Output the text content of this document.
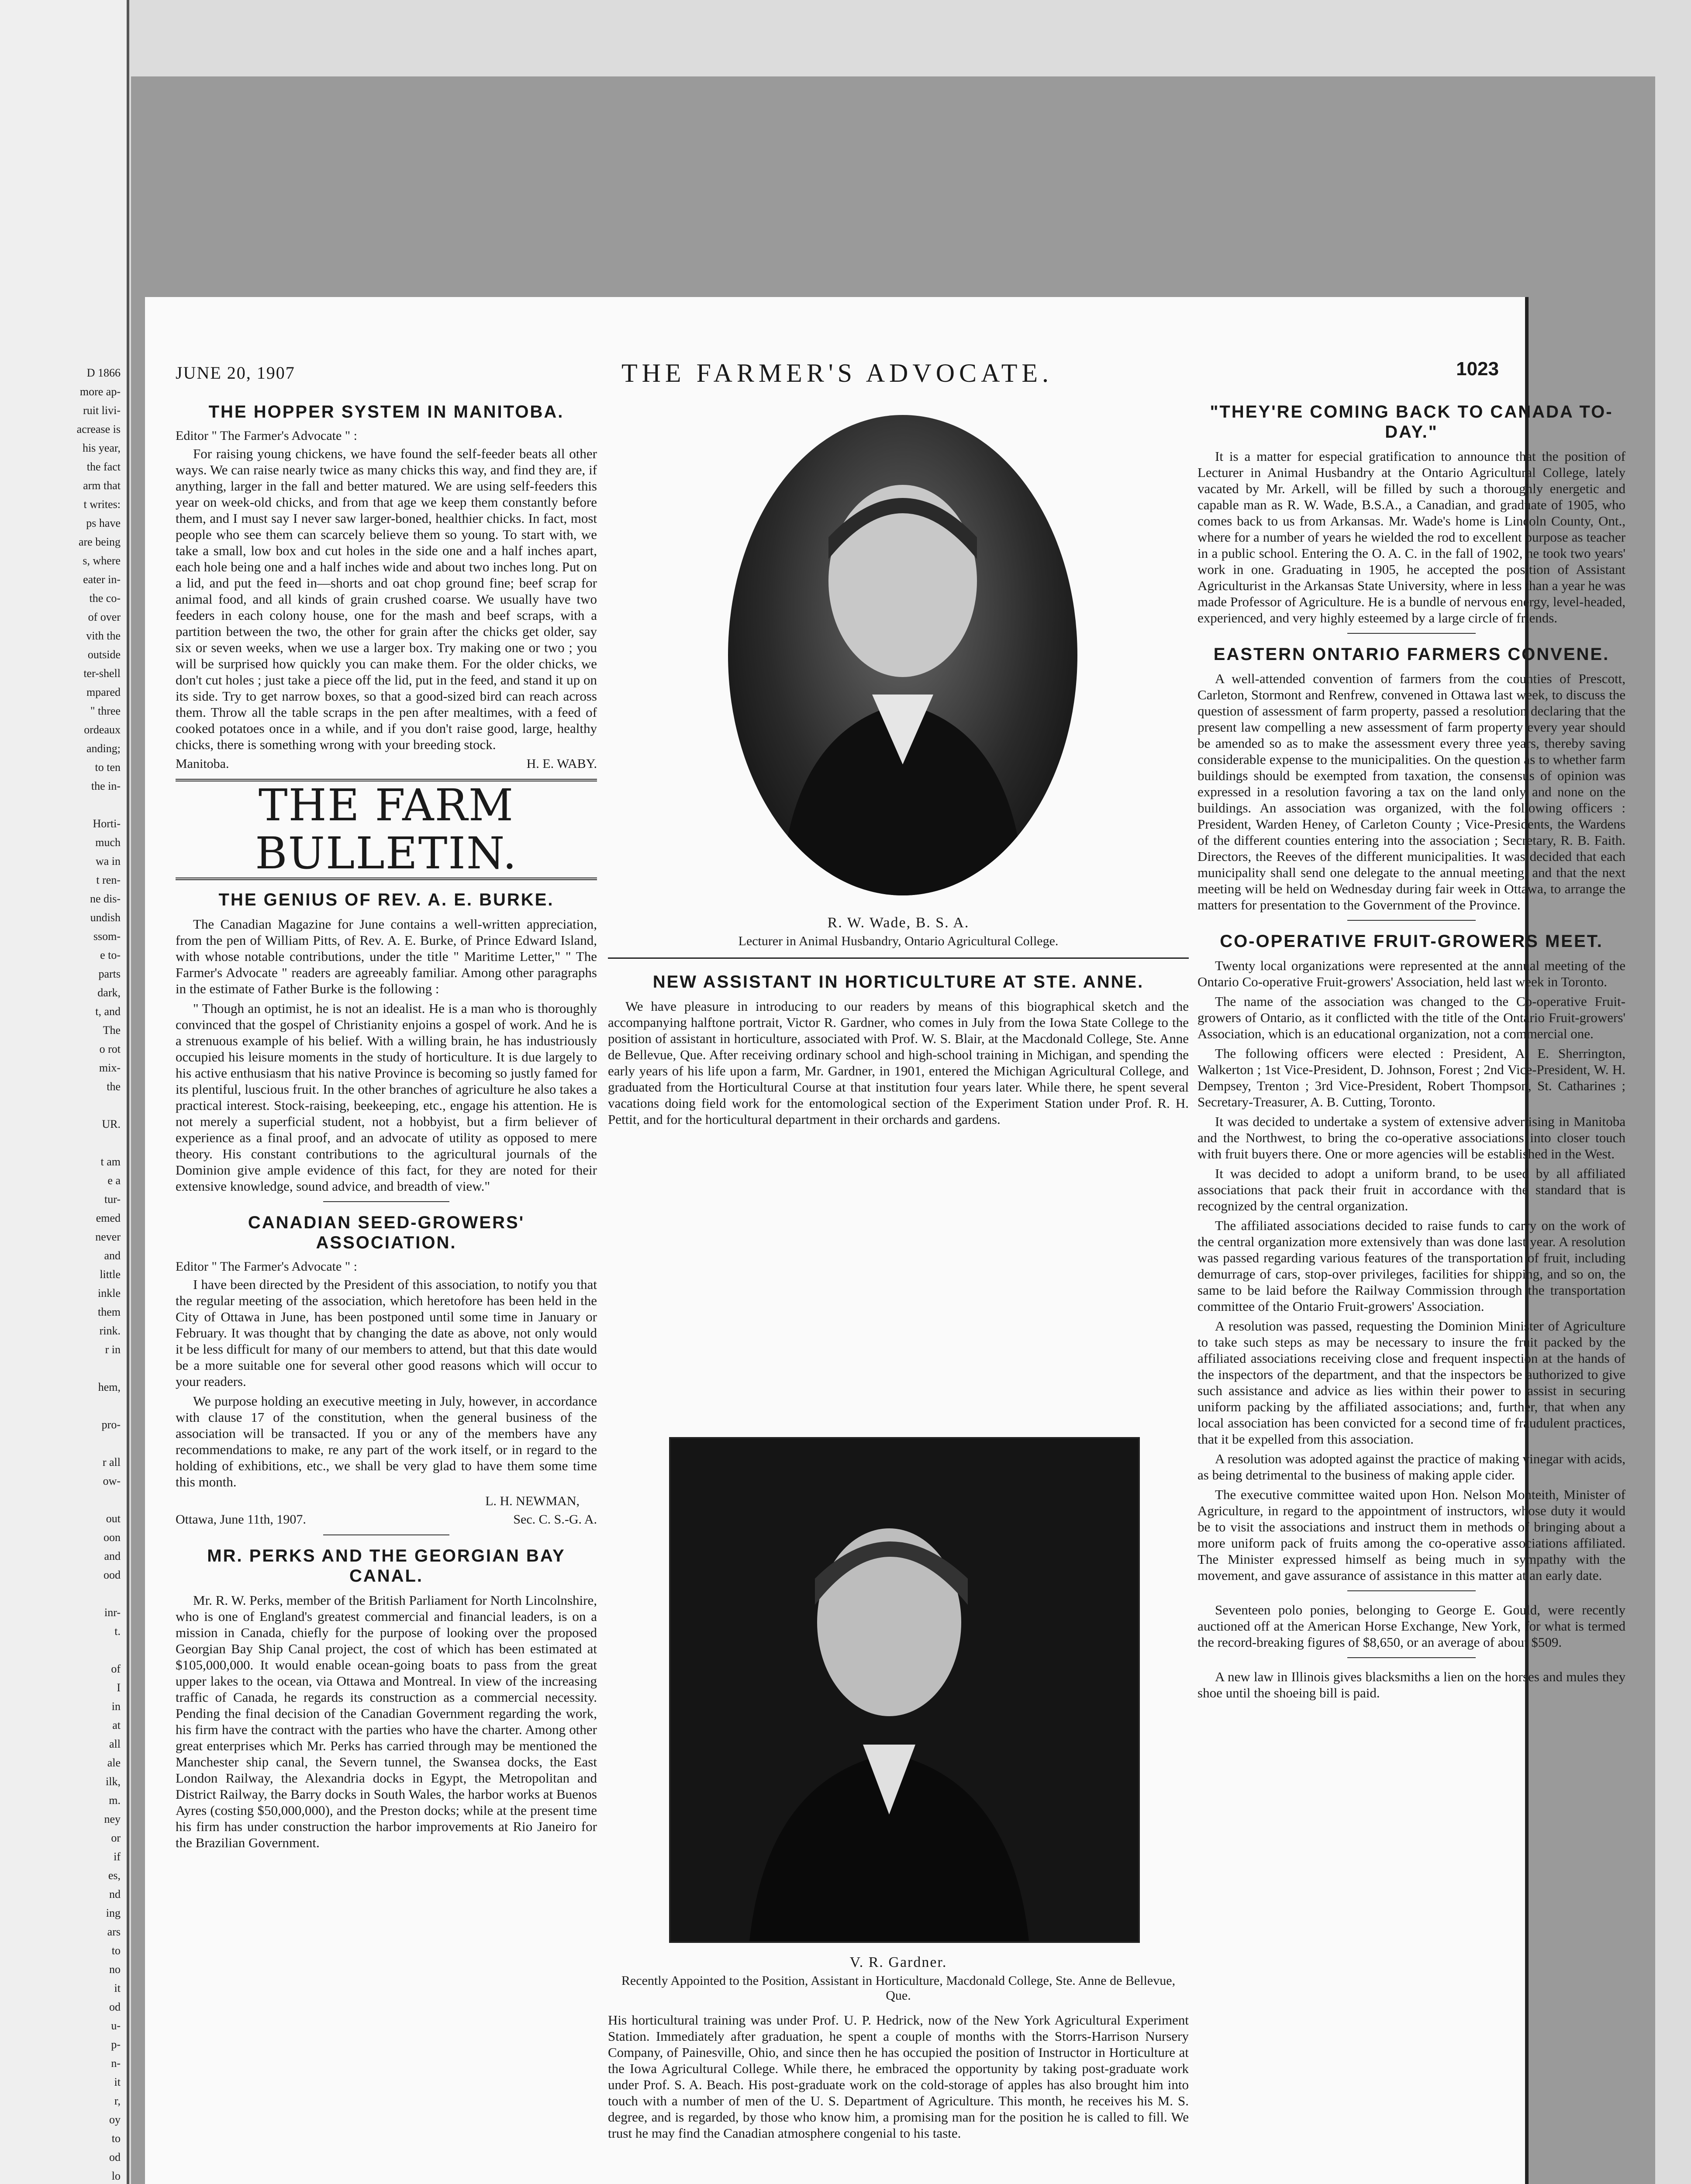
D 1866
more ap-
ruit livi-
acrease is
his year,
the fact
arm that
t writes:
ps have
are being
s, where
eater in-
the co-
of over
vith the
outside
ter-shell
mpared
" three
ordeaux
anding;
to ten
the in-
Horti-
much
wa in
t ren-
ne dis-
undish
ssom-
e to-
parts
dark,
t, and
The
o rot
mix-
the
UR.
t am
e a
tur-
emed
never
and
little
inkle
them
rink.
r in
hem,
pro-
r all
ow-
out
oon
and
ood
inr-
t.
of
I
in
at
all
ale
ilk,
m.
ney
or
if
es,
nd
ing
ars
to
no
it
od
u-
p-
n-
it
r,
oy
to
od
lo
JUNE 20, 1907	THE FARMER'S ADVOCATE.	1023
THE HOPPER SYSTEM IN MANITOBA.
Editor " The Farmer's Advocate " :
For raising young chickens, we have found the self-feeder beats all other ways. We can raise nearly twice as many chicks this way, and find they are, if anything, larger in the fall and better matured. We are using self-feeders this year on week-old chicks, and from that age we keep them constantly before them, and I must say I never saw larger-boned, healthier chicks. In fact, most people who see them can scarcely believe them so young. To start with, we take a small, low box and cut holes in the side one and a half inches apart, each hole being one and a half inches wide and about two inches long. Put on a lid, and put the feed in—shorts and oat chop ground fine; beef scrap for animal food, and all kinds of grain crushed coarse. We usually have two feeders in each colony house, one for the mash and beef scraps, with a partition between the two, the other for grain after the chicks get older, say six or seven weeks, when we use a larger box. Try making one or two ; you will be surprised how quickly you can make them. For the older chicks, we don't cut holes ; just take a piece off the lid, put in the feed, and stand it up on its side. Try to get narrow boxes, so that a good-sized bird can reach across them. Throw all the table scraps in the pen after mealtimes, with a feed of cooked potatoes once in a while, and if you don't raise good, large, healthy chicks, there is something wrong with your breeding stock.
Manitoba.	H. E. WABY.
THE FARM BULLETIN.
THE GENIUS OF REV. A. E. BURKE.
The Canadian Magazine for June contains a well-written appreciation, from the pen of William Pitts, of Rev. A. E. Burke, of Prince Edward Island, with whose notable contributions, under the title " Maritime Letter," " The Farmer's Advocate " readers are agreeably familiar. Among other paragraphs in the estimate of Father Burke is the following :
" Though an optimist, he is not an idealist. He is a man who is thoroughly convinced that the gospel of Christianity enjoins a gospel of work. And he is a strenuous example of his belief. With a willing brain, he has industriously occupied his leisure moments in the study of horticulture. It is due largely to his active enthusiasm that his native Province is becoming so justly famed for its plentiful, luscious fruit. In the other branches of agriculture he also takes a practical interest. Stock-raising, beekeeping, etc., engage his attention. He is not merely a superficial student, not a hobbyist, but a firm believer of experience as a final proof, and an advocate of utility as opposed to mere theory. His constant contributions to the agricultural journals of the Dominion give ample evidence of this fact, for they are noted for their extensive knowledge, sound advice, and breadth of view."
CANADIAN SEED-GROWERS' ASSOCIATION.
Editor " The Farmer's Advocate " :
I have been directed by the President of this association, to notify you that the regular meeting of the association, which heretofore has been held in the City of Ottawa in June, has been postponed until some time in January or February. It was thought that by changing the date as above, not only would it be less difficult for many of our members to attend, but that this date would be a more suitable one for several other good reasons which will occur to your readers.
We purpose holding an executive meeting in July, however, in accordance with clause 17 of the constitution, when the general business of the association will be transacted. If you or any of the members have any recommendations to make, re any part of the work itself, or in regard to the holding of exhibitions, etc., we shall be very glad to have them some time this month.
L. H. NEWMAN,
Ottawa, June 11th, 1907.	Sec. C. S.-G. A.
MR. PERKS AND THE GEORGIAN BAY CANAL.
Mr. R. W. Perks, member of the British Parliament for North Lincolnshire, who is one of England's greatest commercial and financial leaders, is on a mission in Canada, chiefly for the purpose of looking over the proposed Georgian Bay Ship Canal project, the cost of which has been estimated at $105,000,000. It would enable ocean-going boats to pass from the great upper lakes to the ocean, via Ottawa and Montreal. In view of the increasing traffic of Canada, he regards its construction as a commercial necessity. Pending the final decision of the Canadian Government regarding the work, his firm have the contract with the parties who have the charter. Among other great enterprises which Mr. Perks has carried through may be mentioned the Manchester ship canal, the Severn tunnel, the Swansea docks, the East London Railway, the Alexandria docks in Egypt, the Metropolitan and District Railway, the Barry docks in South Wales, the harbor works at Buenos Ayres (costing $50,000,000), and the Preston docks; while at the present time his firm has under construction the harbor improvements at Rio Janeiro for the Brazilian Government.
R. W. Wade, B. S. A.
Lecturer in Animal Husbandry, Ontario Agricultural College.
NEW ASSISTANT IN HORTICULTURE AT STE. ANNE.
We have pleasure in introducing to our readers by means of this biographical sketch and the accompanying halftone portrait, Victor R. Gardner, who comes in July from the Iowa State College to the position of assistant in horticulture, associated with Prof. W. S. Blair, at the Macdonald College, Ste. Anne de Bellevue, Que. After receiving ordinary school and high-school training in Michigan, and spending the early years of his life upon a farm, Mr. Gardner, in 1901, entered the Michigan Agricultural College, and graduated from the Horticultural Course at that institution four years later. While there, he spent several vacations doing field work for the entomological section of the Experiment Station under Prof. R. H. Pettit, and for the horticultural department in their orchards and gardens.
V. R. Gardner.
Recently Appointed to the Position, Assistant in Horticulture, Macdonald College, Ste. Anne de Bellevue, Que.
His horticultural training was under Prof. U. P. Hedrick, now of the New York Agricultural Experiment Station. Immediately after graduation, he spent a couple of months with the Storrs-Harrison Nursery Company, of Painesville, Ohio, and since then he has occupied the position of Instructor in Horticulture at the Iowa Agricultural College. While there, he embraced the opportunity by taking post-graduate work under Prof. S. A. Beach. His post-graduate work on the cold-storage of apples has also brought him into touch with a number of men of the U. S. Department of Agriculture. This month, he receives his M. S. degree, and is regarded, by those who know him, a promising man for the position he is called to fill. We trust he may find the Canadian atmosphere congenial to his taste.
"THEY'RE COMING BACK TO CANADA TO-DAY."
It is a matter for especial gratification to announce that the position of Lecturer in Animal Husbandry at the Ontario Agricultural College, lately vacated by Mr. Arkell, will be filled by such a thoroughly energetic and capable man as R. W. Wade, B.S.A., a Canadian, and graduate of 1905, who comes back to us from Arkansas. Mr. Wade's home is Lincoln County, Ont., where for a number of years he wielded the rod to excellent purpose as teacher in a public school. Entering the O. A. C. in the fall of 1902, he took two years' work in one. Graduating in 1905, he accepted the position of Assistant Agriculturist in the Arkansas State University, where in less than a year he was made Professor of Agriculture. He is a bundle of nervous energy, level-headed, experienced, and very highly esteemed by a large circle of friends.
EASTERN ONTARIO FARMERS CONVENE.
A well-attended convention of farmers from the counties of Prescott, Carleton, Stormont and Renfrew, convened in Ottawa last week, to discuss the question of assessment of farm property, passed a resolution declaring that the present law compelling a new assessment of farm property every year should be amended so as to make the assessment every three years, thereby saving considerable expense to the municipalities. On the question as to whether farm buildings should be exempted from taxation, the consensus of opinion was expressed in a resolution favoring a tax on the land only and none on the buildings. An association was organized, with the following officers : President, Warden Heney, of Carleton County ; Vice-Presidents, the Wardens of the different counties entering into the association ; Secretary, R. B. Faith. Directors, the Reeves of the different municipalities. It was decided that each municipality shall send one delegate to the annual meeting, and that the next meeting will be held on Wednesday during fair week in Ottawa, to arrange the matters for presentation to the Government of the Province.
CO-OPERATIVE FRUIT-GROWERS MEET.
Twenty local organizations were represented at the annual meeting of the Ontario Co-operative Fruit-growers' Association, held last week in Toronto.
The name of the association was changed to the Co-operative Fruit-growers of Ontario, as it conflicted with the title of the Ontario Fruit-growers' Association, which is an educational organization, not a commercial one.
The following officers were elected : President, A. E. Sherrington, Walkerton ; 1st Vice-President, D. Johnson, Forest ; 2nd Vice-President, W. H. Dempsey, Trenton ; 3rd Vice-President, Robert Thompson, St. Catharines ; Secretary-Treasurer, A. B. Cutting, Toronto.
It was decided to undertake a system of extensive advertising in Manitoba and the Northwest, to bring the co-operative associations into closer touch with fruit buyers there. One or more agencies will be established in the West.
It was decided to adopt a uniform brand, to be used by all affiliated associations that pack their fruit in accordance with the standard that is recognized by the central organization.
The affiliated associations decided to raise funds to carry on the work of the central organization more extensively than was done last year. A resolution was passed regarding various features of the transportation of fruit, including demurrage of cars, stop-over privileges, facilities for shipping, and so on, the same to be laid before the Railway Commission through the transportation committee of the Ontario Fruit-growers' Association.
A resolution was passed, requesting the Dominion Minister of Agriculture to take such steps as may be necessary to insure the fruit packed by the affiliated associations receiving close and frequent inspection at the hands of the inspectors of the department, and that the inspectors be authorized to give such assistance and advice as lies within their power to assist in securing uniform packing by the affiliated associations; and, further, that when any local association has been convicted for a second time of fraudulent practices, that it be expelled from this association.
A resolution was adopted against the practice of making vinegar with acids, as being detrimental to the business of making apple cider.
The executive committee waited upon Hon. Nelson Monteith, Minister of Agriculture, in regard to the appointment of instructors, whose duty it would be to visit the associations and instruct them in methods of bringing about a more uniform pack of fruits among the co-operative associations affiliated. The Minister expressed himself as being much in sympathy with the movement, and gave assurance of assistance in this matter at an early date.
Seventeen polo ponies, belonging to George E. Gould, were recently auctioned off at the American Horse Exchange, New York, for what is termed the record-breaking figures of $8,650, or an average of about $509.
A new law in Illinois gives blacksmiths a lien on the horses and mules they shoe until the shoeing bill is paid.
